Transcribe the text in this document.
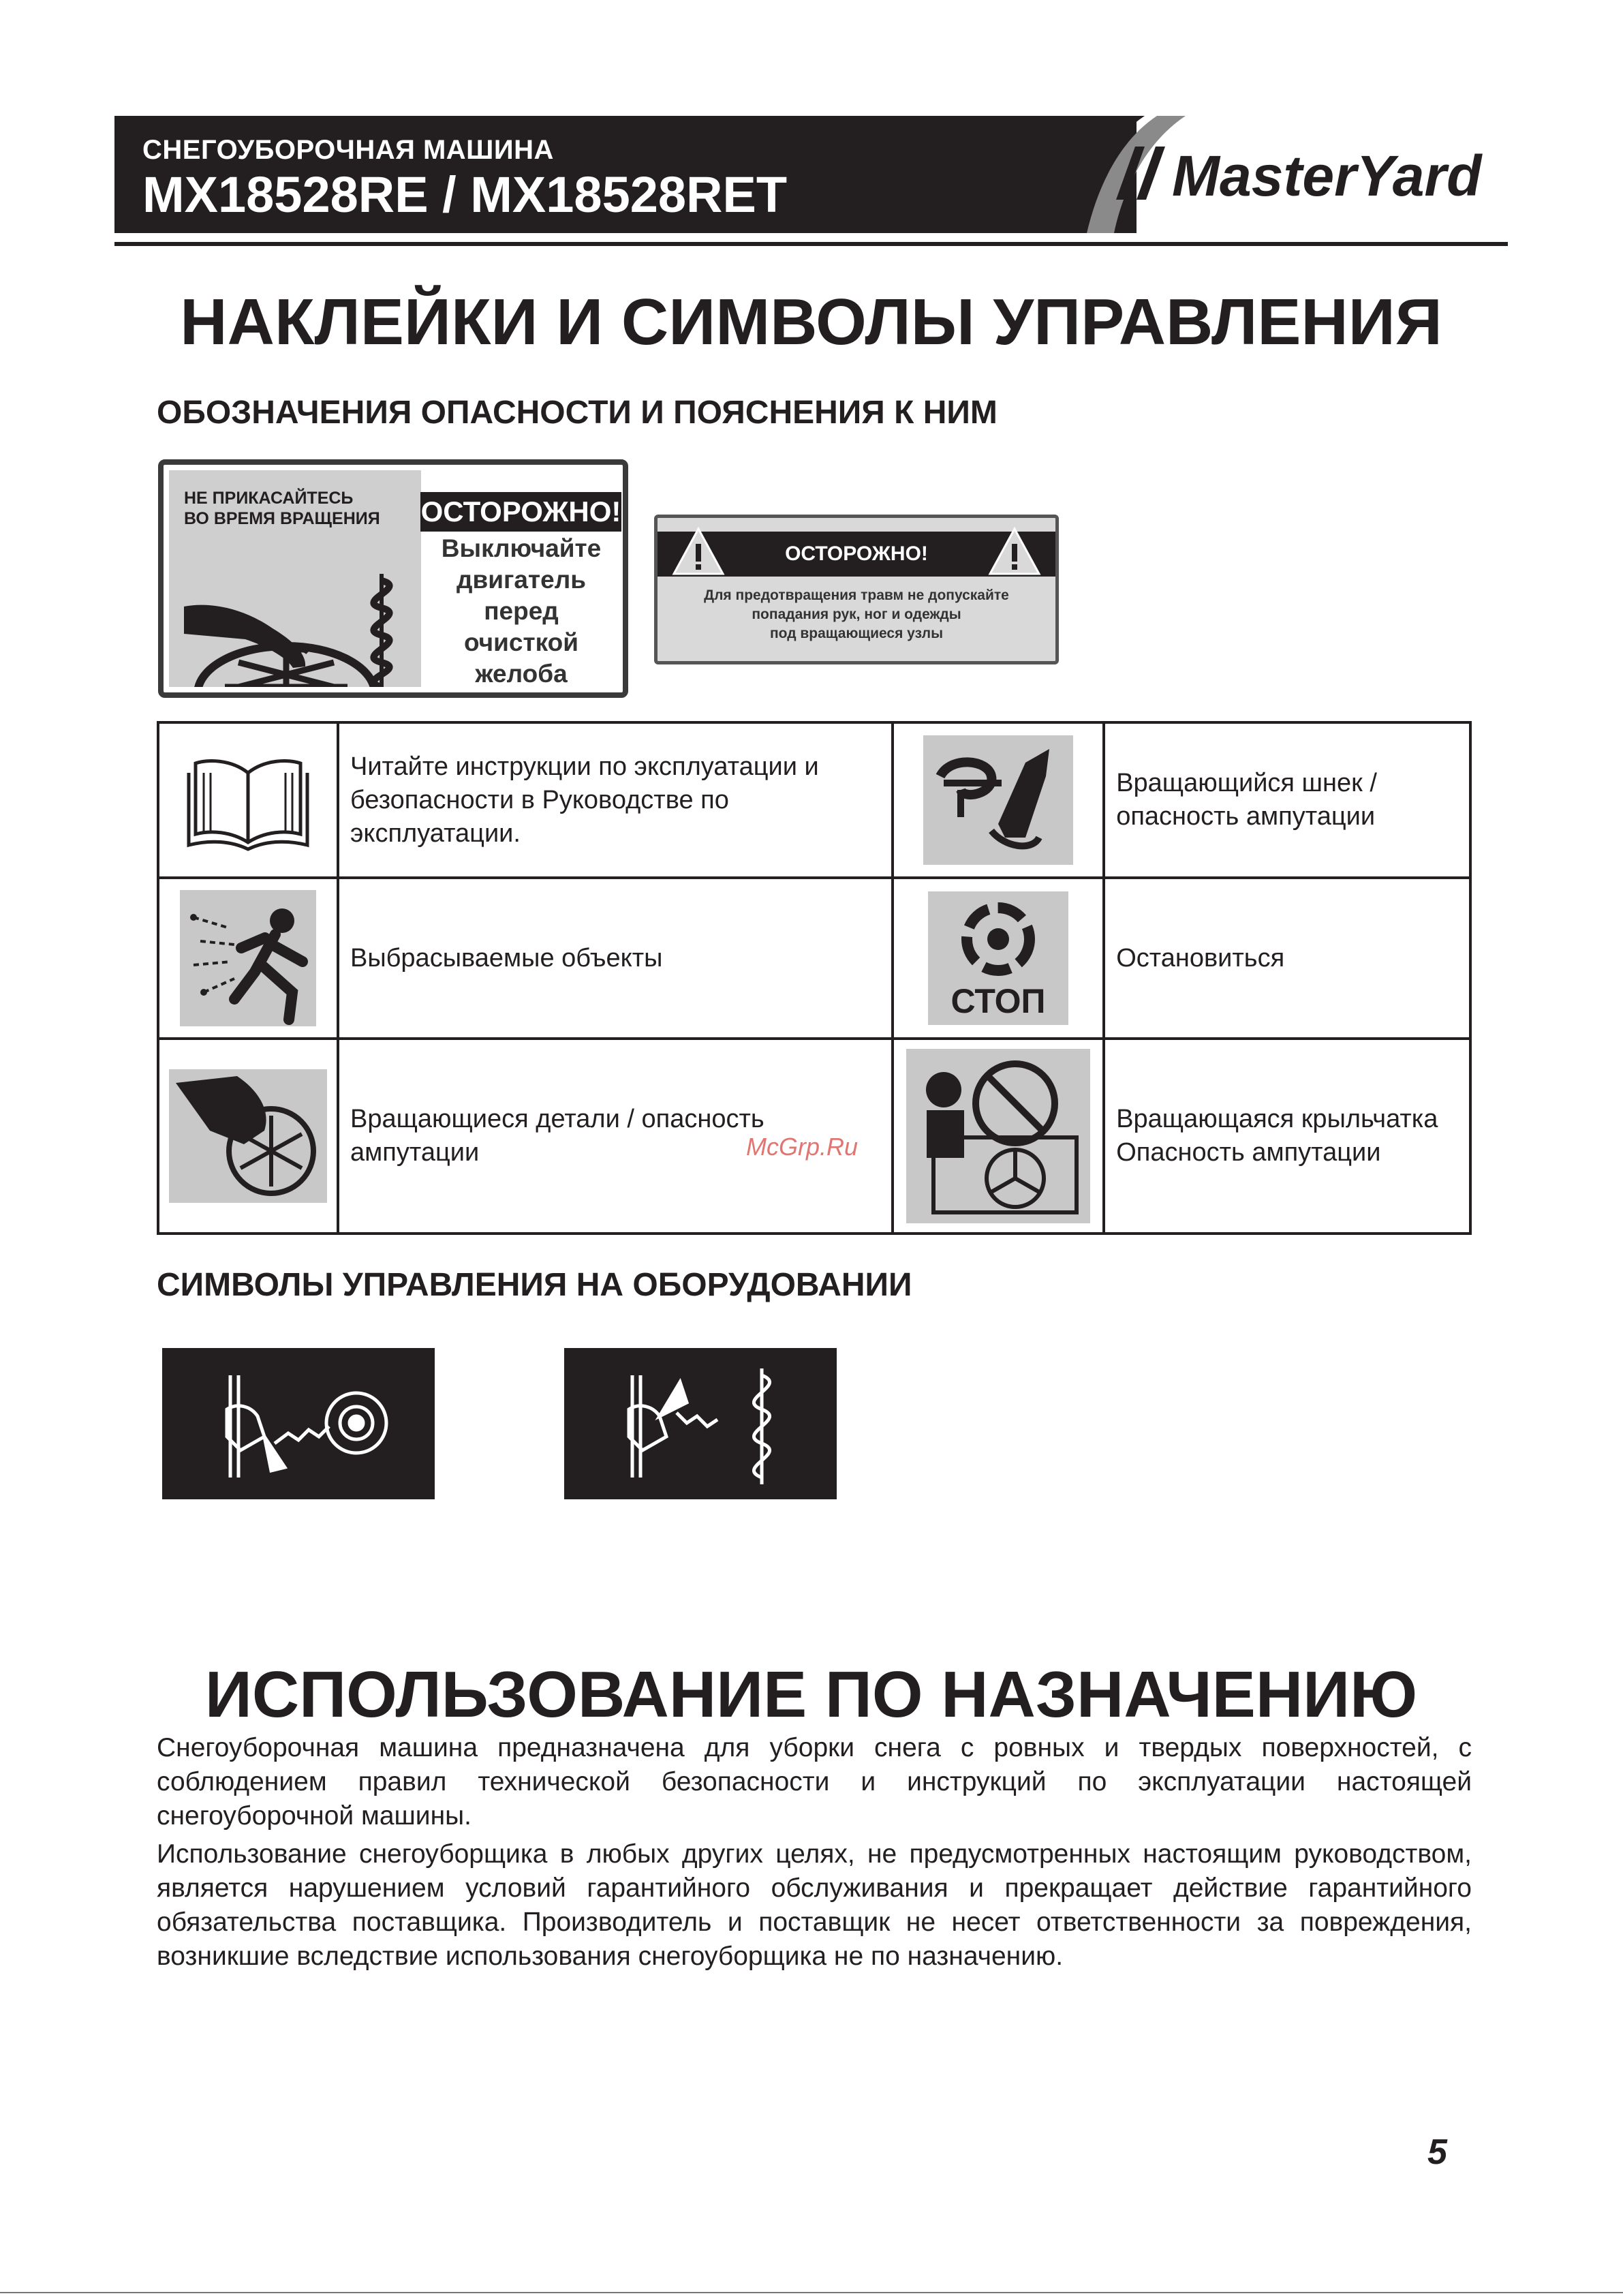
СНЕГОУБОРОЧНАЯ МАШИНА
MX18528RE / MX18528RET	MasterYard
НАКЛЕЙКИ И СИМВОЛЫ УПРАВЛЕНИЯ
ОБОЗНАЧЕНИЯ ОПАСНОСТИ И ПОЯСНЕНИЯ К НИМ
НЕ ПРИКАСАЙТЕСЬ
ВО ВРЕМЯ ВРАЩЕНИЯ ОСТОРОЖНО!
Выключайте
двигатель
перед
очисткой
желоба
ОСТОРОЖНО!
Для предотвращения травм не допускайте
попадания рук, ног и одежды
под вращающиеся узлы
	Читайте инструкции по эксплуатации и безопасности в Руководстве по эксплуатации.		Вращающийся шнек / опасность ампутации
	Выбрасываемые объекты	СТОП	Остановиться
	Вращающиеся детали / опасность ампутации		Вращающаяся крыльчатка Опасность ампутации
McGrp.Ru
СИМВОЛЫ УПРАВЛЕНИЯ НА ОБОРУДОВАНИИ
ИСПОЛЬЗОВАНИЕ ПО НАЗНАЧЕНИЮ
Снегоуборочная машина предназначена для уборки снега с ровных и твердых поверхностей, с соблюдением правил технической безопасности и инструкций по эксплуатации настоящей снегоуборочной машины.
Использование снегоуборщика в любых других целях, не предусмотренных настоящим руководством, является нарушением условий гарантийного обслуживания и прекращает действие гарантийного обязательства поставщика. Производитель и поставщик не несет ответственности за повреждения, возникшие вследствие использования снегоуборщика не по назначению.
5
